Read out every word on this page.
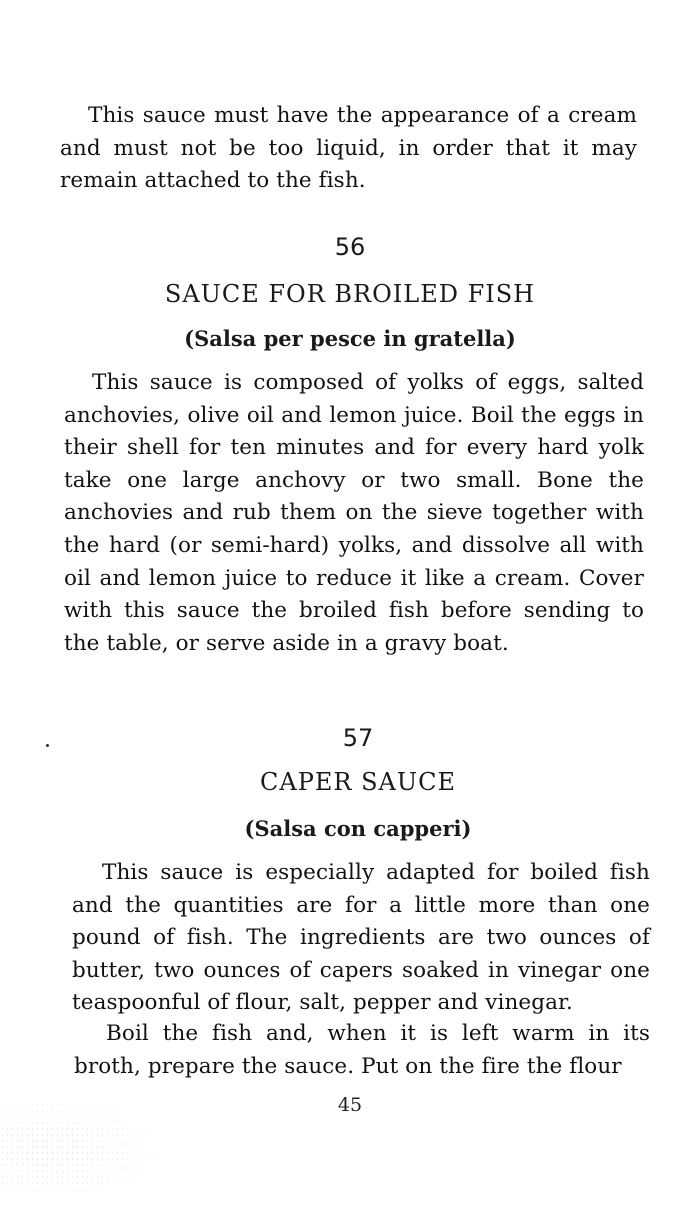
This sauce must have the appearance of a cream and must not be too liquid, in order that it may remain attached to the fish.

56
SAUCE FOR BROILED FISH
(Salsa per pesce in gratella)

This sauce is composed of yolks of eggs, salted anchovies, olive oil and lemon juice. Boil the eggs in their shell for ten minutes and for every hard yolk take one large anchovy or two small. Bone the anchovies and rub them on the sieve together with the hard (or semi-hard) yolks, and dissolve all with oil and lemon juice to reduce it like a cream. Cover with this sauce the broiled fish before sending to the table, or serve aside in a gravy boat.

57
CAPER SAUCE
(Salsa con capperi)

This sauce is especially adapted for boiled fish and the quantities are for a little more than one pound of fish. The ingredients are two ounces of butter, two ounces of capers soaked in vinegar one teaspoonful of flour, salt, pepper and vinegar.

Boil the fish and, when it is left warm in its broth, prepare the sauce. Put on the fire the flour

45
